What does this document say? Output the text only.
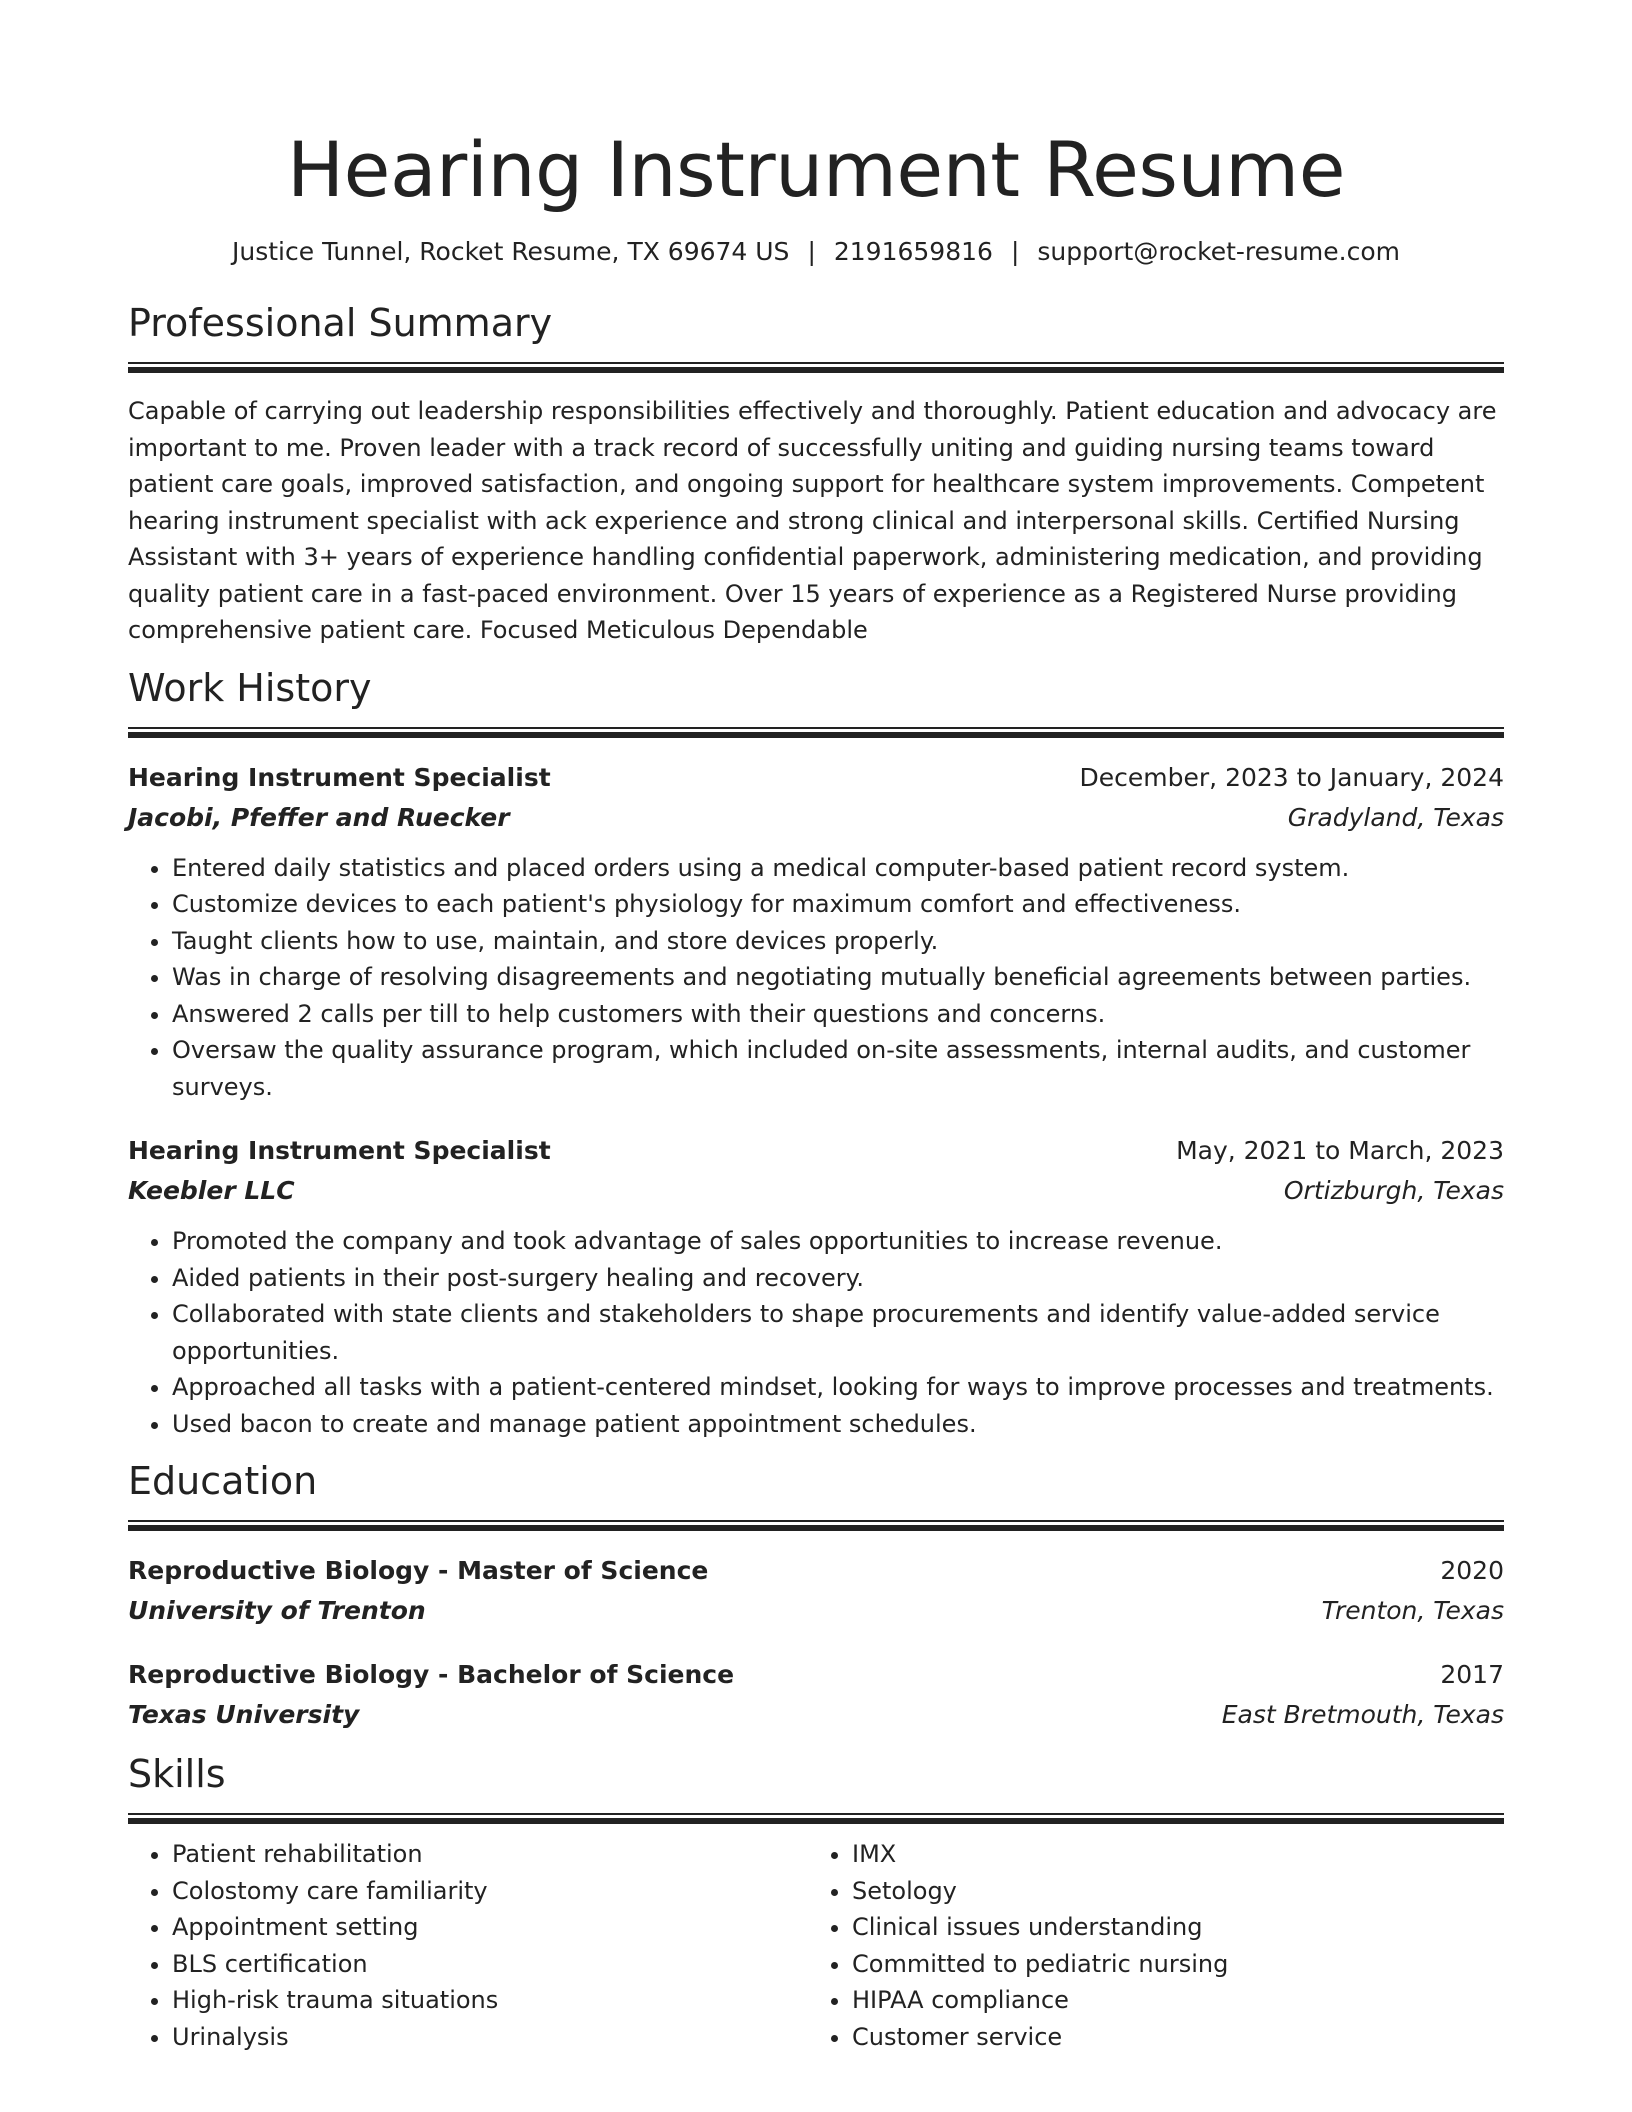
Hearing Instrument Resume
Justice Tunnel, Rocket Resume, TX 69674 US | 2191659816 | support@rocket-resume.com
Professional Summary

Capable of carrying out leadership responsibilities effectively and thoroughly. Patient education and advocacy are important to me. Proven leader with a track record of successfully uniting and guiding nursing teams toward patient care goals, improved satisfaction, and ongoing support for healthcare system improvements. Competent hearing instrument specialist with ack experience and strong clinical and interpersonal skills. Certified Nursing Assistant with 3+ years of experience handling confidential paperwork, administering medication, and providing quality patient care in a fast-paced environment. Over 15 years of experience as a Registered Nurse providing comprehensive patient care. Focused Meticulous Dependable

Work History
Hearing Instrument Specialist	December, 2023 to January, 2024
Jacobi, Pfeffer and Ruecker	Gradyland, Texas
• Entered daily statistics and placed orders using a medical computer-based patient record system.
• Customize devices to each patient's physiology for maximum comfort and effectiveness.
• Taught clients how to use, maintain, and store devices properly.
• Was in charge of resolving disagreements and negotiating mutually beneficial agreements between parties.
• Answered 2 calls per till to help customers with their questions and concerns.
• Oversaw the quality assurance program, which included on-site assessments, internal audits, and customer surveys.
Hearing Instrument Specialist	May, 2021 to March, 2023
Keebler LLC	Ortizburgh, Texas
• Promoted the company and took advantage of sales opportunities to increase revenue.
• Aided patients in their post-surgery healing and recovery.
• Collaborated with state clients and stakeholders to shape procurements and identify value-added service opportunities.
• Approached all tasks with a patient-centered mindset, looking for ways to improve processes and treatments.
• Used bacon to create and manage patient appointment schedules.
Education
Reproductive Biology - Master of Science	2020
University of Trenton	Trenton, Texas
Reproductive Biology - Bachelor of Science	2017
Texas University	East Bretmouth, Texas
Skills
• Patient rehabilitation
• Colostomy care familiarity
• Appointment setting
• BLS certification
• High-risk trauma situations
• Urinalysis
• IMX
• Setology
• Clinical issues understanding
• Committed to pediatric nursing
• HIPAA compliance
• Customer service
